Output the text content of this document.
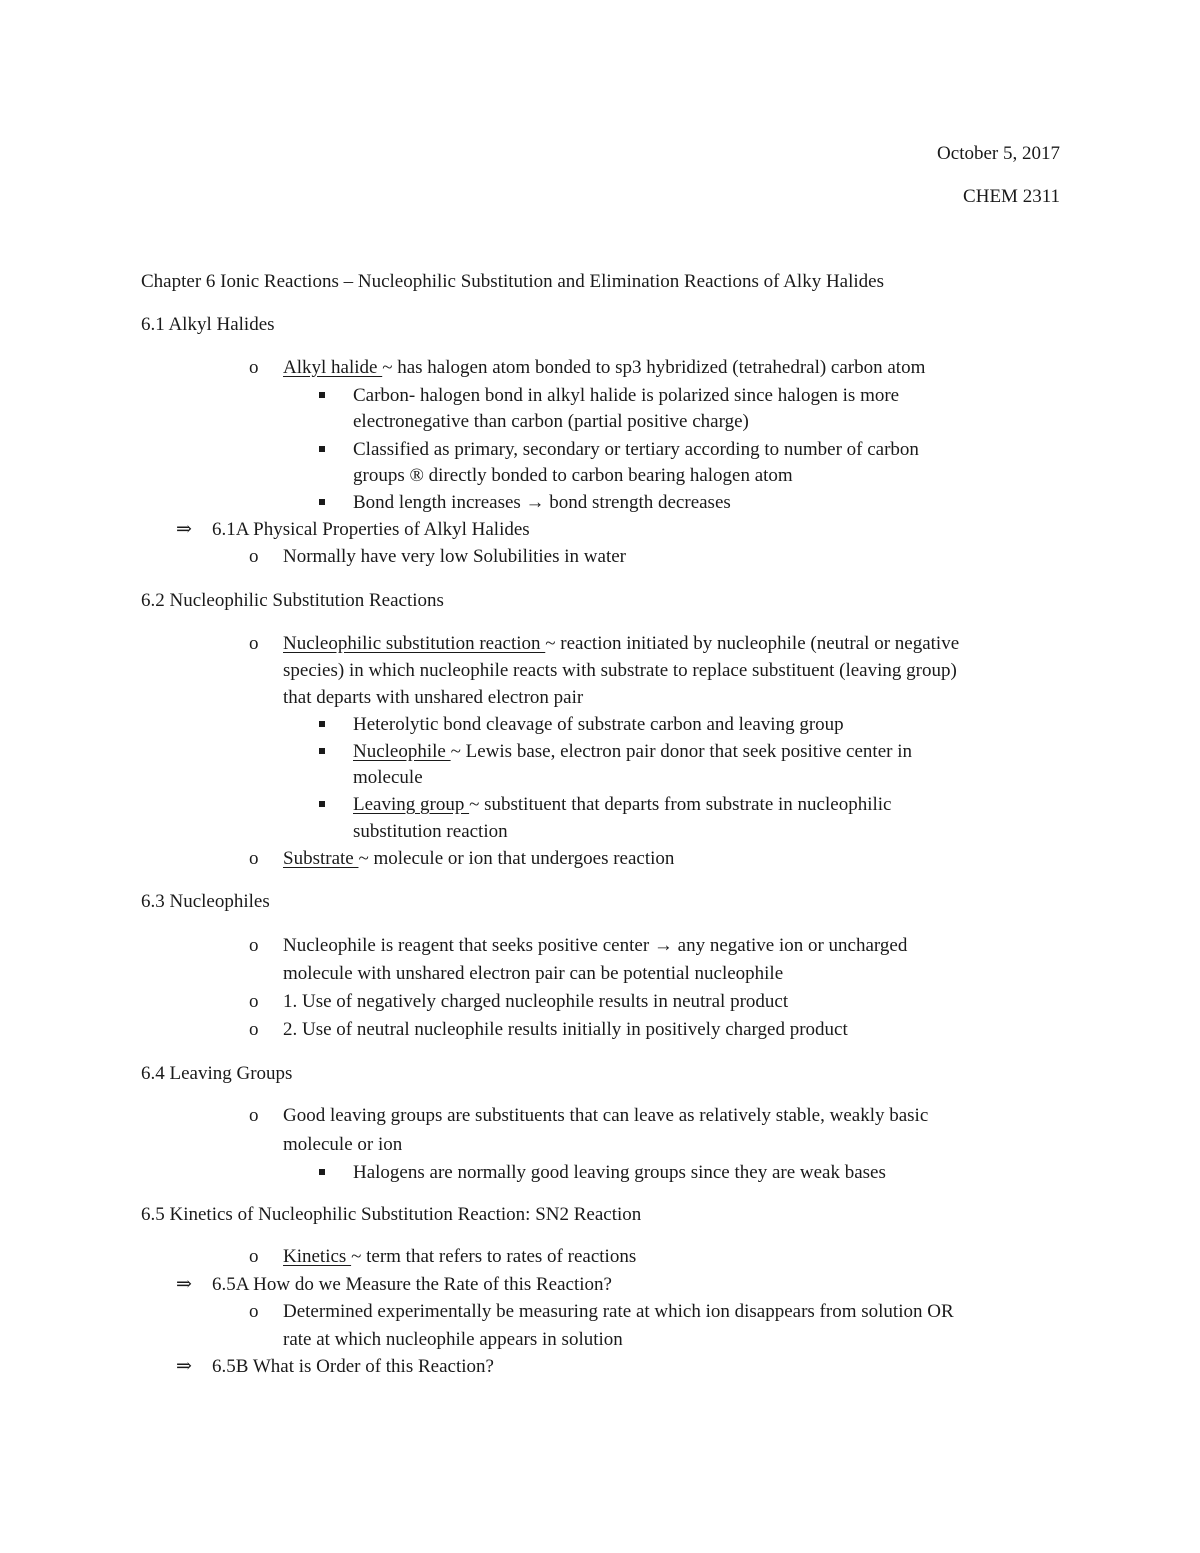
October 5, 2017
CHEM 2311
Chapter 6 Ionic Reactions – Nucleophilic Substitution and Elimination Reactions of Alky Halides
6.1 Alkyl Halides
o Alkyl halide ~ has halogen atom bonded to sp3 hybridized (tetrahedral) carbon atom
Carbon- halogen bond in alkyl halide is polarized since halogen is more
electronegative than carbon (partial positive charge)
Classified as primary, secondary or tertiary according to number of carbon
groups ® directly bonded to carbon bearing halogen atom
Bond length increases → bond strength decreases
⇒ 6.1A Physical Properties of Alkyl Halides
o Normally have very low Solubilities in water
6.2 Nucleophilic Substitution Reactions
o Nucleophilic substitution reaction ~ reaction initiated by nucleophile (neutral or negative
species) in which nucleophile reacts with substrate to replace substituent (leaving group)
that departs with unshared electron pair
Heterolytic bond cleavage of substrate carbon and leaving group
Nucleophile ~ Lewis base, electron pair donor that seek positive center in
molecule
Leaving group ~ substituent that departs from substrate in nucleophilic
substitution reaction
o Substrate ~ molecule or ion that undergoes reaction
6.3 Nucleophiles
o Nucleophile is reagent that seeks positive center → any negative ion or uncharged
molecule with unshared electron pair can be potential nucleophile
o 1. Use of negatively charged nucleophile results in neutral product
o 2. Use of neutral nucleophile results initially in positively charged product
6.4 Leaving Groups
o Good leaving groups are substituents that can leave as relatively stable, weakly basic
molecule or ion
Halogens are normally good leaving groups since they are weak bases
6.5 Kinetics of Nucleophilic Substitution Reaction: SN2 Reaction
o Kinetics ~ term that refers to rates of reactions
⇒ 6.5A How do we Measure the Rate of this Reaction?
o Determined experimentally be measuring rate at which ion disappears from solution OR
rate at which nucleophile appears in solution
⇒ 6.5B What is Order of this Reaction?
